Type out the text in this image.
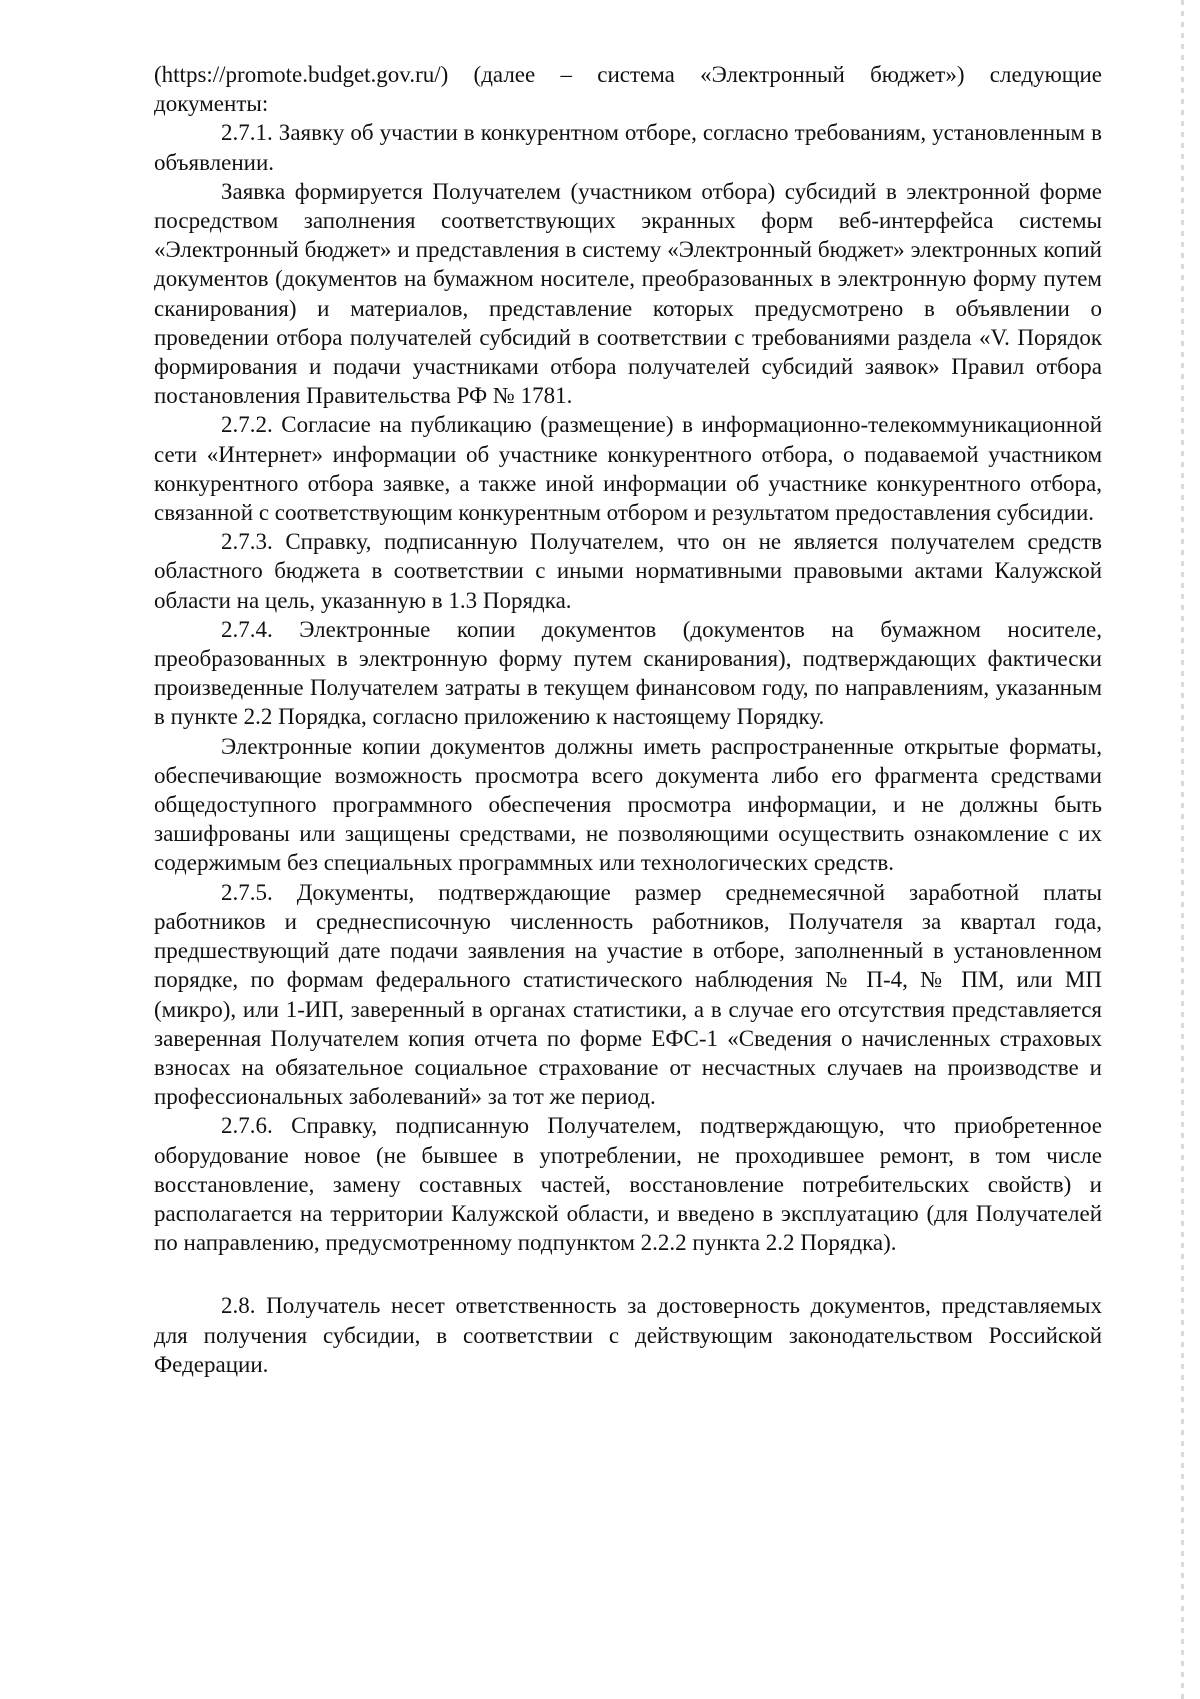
(https://promote.budget.gov.ru/) (далее – система «Электронный бюджет») следующие документы:

2.7.1. Заявку об участии в конкурентном отборе, согласно требованиям, установленным в объявлении.

Заявка формируется Получателем (участником отбора) субсидий в электронной форме посредством заполнения соответствующих экранных форм веб-интерфейса системы «Электронный бюджет» и представления в систему «Электронный бюджет» электронных копий документов (документов на бумажном носителе, преобразованных в электронную форму путем сканирования) и материалов, представление которых предусмотрено в объявлении о проведении отбора получателей субсидий в соответствии с требованиями раздела «V. Порядок формирования и подачи участниками отбора получателей субсидий заявок» Правил отбора постановления Правительства РФ № 1781.

2.7.2. Согласие на публикацию (размещение) в информационно-телекоммуникационной сети «Интернет» информации об участнике конкурентного отбора, о подаваемой участником конкурентного отбора заявке, а также иной информации об участнике конкурентного отбора, связанной с соответствующим конкурентным отбором и результатом предоставления субсидии.

2.7.3. Справку, подписанную Получателем, что он не является получателем средств областного бюджета в соответствии с иными нормативными правовыми актами Калужской области на цель, указанную в 1.3 Порядка.

2.7.4. Электронные копии документов (документов на бумажном носителе, преобразованных в электронную форму путем сканирования), подтверждающих фактически произведенные Получателем затраты в текущем финансовом году, по направлениям, указанным в пункте 2.2 Порядка, согласно приложению к настоящему Порядку.

Электронные копии документов должны иметь распространенные открытые форматы, обеспечивающие возможность просмотра всего документа либо его фрагмента средствами общедоступного программного обеспечения просмотра информации, и не должны быть зашифрованы или защищены средствами, не позволяющими осуществить ознакомление с их содержимым без специальных программных или технологических средств.

2.7.5. Документы, подтверждающие размер среднемесячной заработной платы работников и среднесписочную численность работников, Получателя за квартал года, предшествующий дате подачи заявления на участие в отборе, заполненный в установленном порядке, по формам федерального статистического наблюдения № П-4, № ПМ, или МП (микро), или 1-ИП, заверенный в органах статистики, а в случае его отсутствия представляется заверенная Получателем копия отчета по форме ЕФС-1 «Сведения о начисленных страховых взносах на обязательное социальное страхование от несчастных случаев на производстве и профессиональных заболеваний» за тот же период.

2.7.6. Справку, подписанную Получателем, подтверждающую, что приобретенное оборудование новое (не бывшее в употреблении, не проходившее ремонт, в том числе восстановление, замену составных частей, восстановление потребительских свойств) и располагается на территории Калужской области, и введено в эксплуатацию (для Получателей по направлению, предусмотренному подпунктом 2.2.2 пункта 2.2 Порядка).

2.8. Получатель несет ответственность за достоверность документов, представляемых для получения субсидии, в соответствии с действующим законодательством Российской Федерации.
